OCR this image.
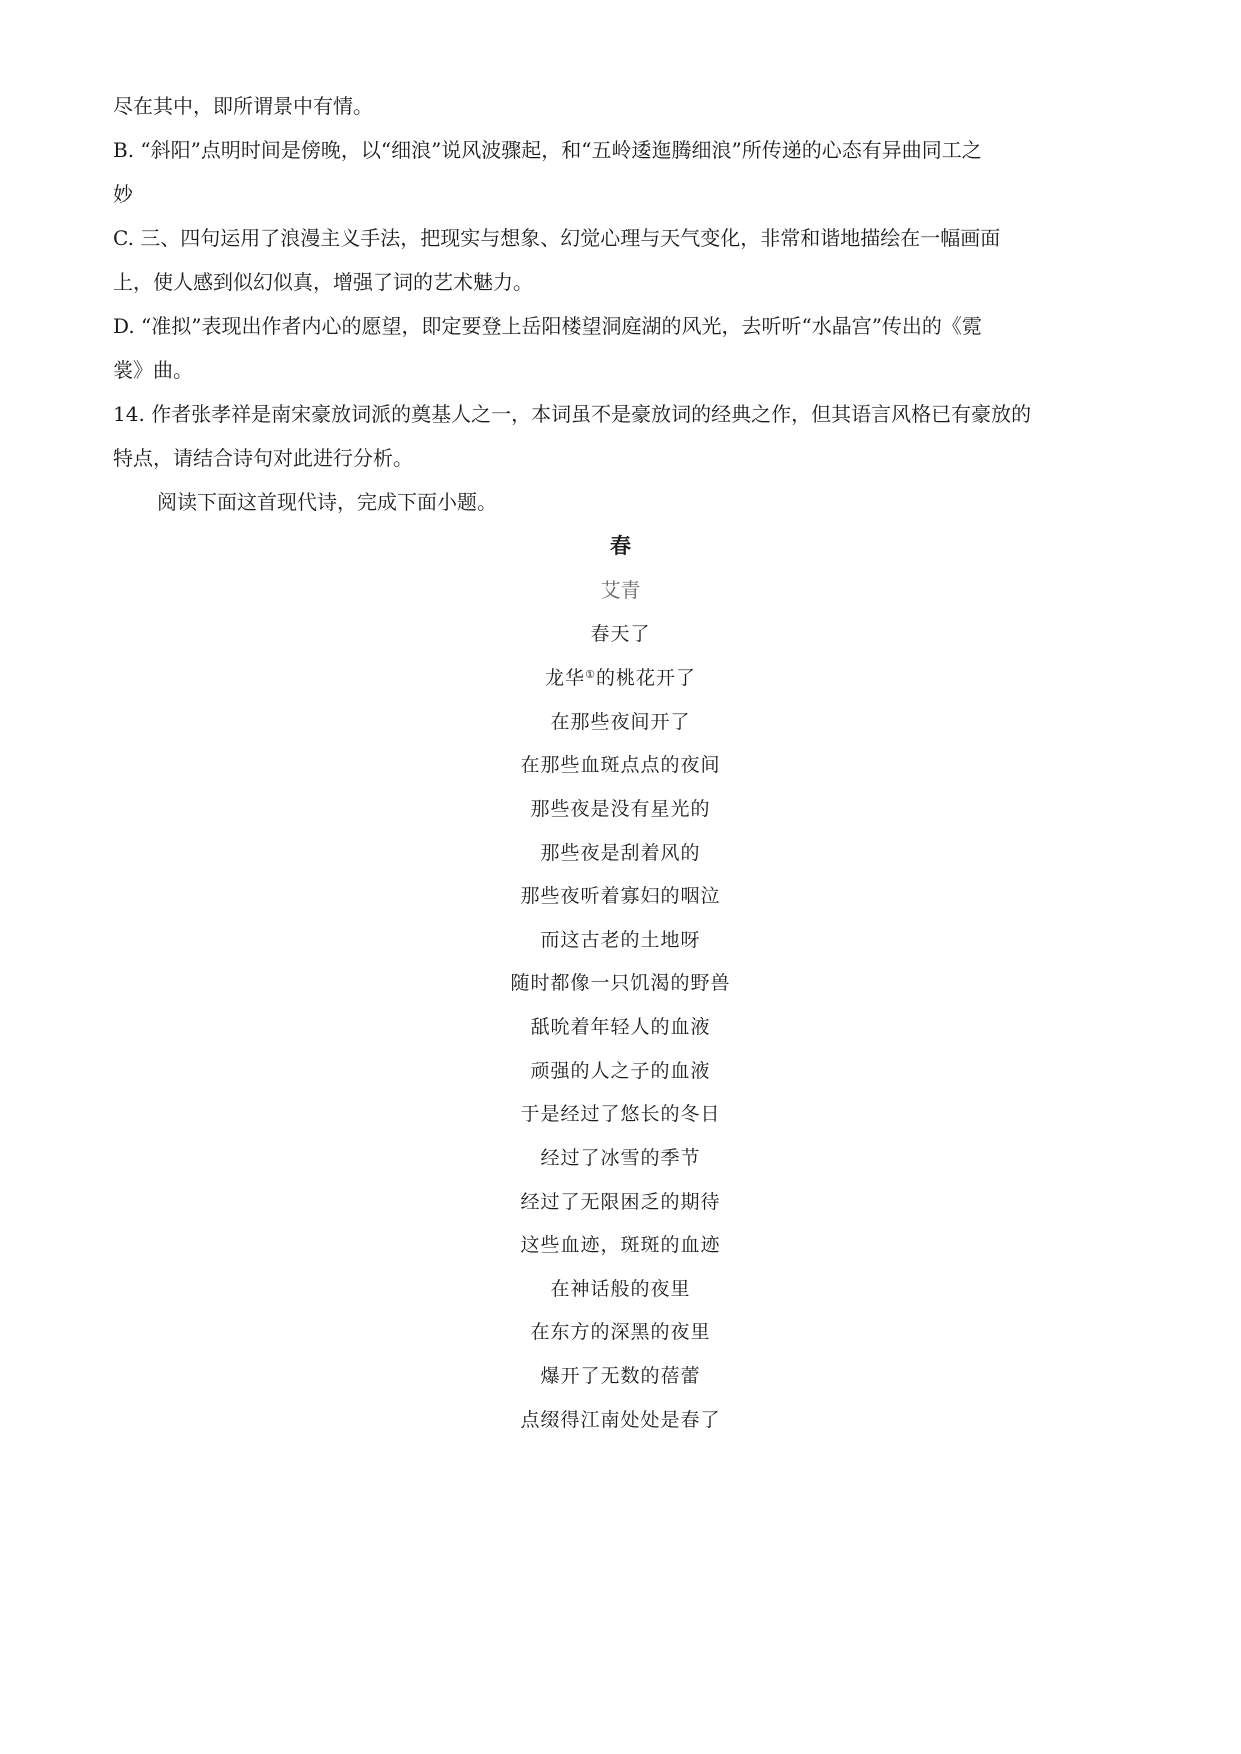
尽在其中，即所谓景中有情。
B. “斜阳”点明时间是傍晚，以“细浪”说风波骤起，和“五岭逶迤腾细浪”所传递的心态有异曲同工之
妙
C. 三、四句运用了浪漫主义手法，把现实与想象、幻觉心理与天气变化，非常和谐地描绘在一幅画面
上，使人感到似幻似真，增强了词的艺术魅力。
D. “准拟”表现出作者内心的愿望，即定要登上岳阳楼望洞庭湖的风光，去听听“水晶宫”传出的《霓
裳》曲。
14. 作者张孝祥是南宋豪放词派的奠基人之一，本词虽不是豪放词的经典之作，但其语言风格已有豪放的
特点，请结合诗句对此进行分析。
阅读下面这首现代诗，完成下面小题。
春
艾青
春天了
龙华①的桃花开了
在那些夜间开了
在那些血斑点点的夜间
那些夜是没有星光的
那些夜是刮着风的
那些夜听着寡妇的咽泣
而这古老的土地呀
随时都像一只饥渴的野兽
舐吮着年轻人的血液
顽强的人之子的血液
于是经过了悠长的冬日
经过了冰雪的季节
经过了无限困乏的期待
这些血迹，斑斑的血迹
在神话般的夜里
在东方的深黑的夜里
爆开了无数的蓓蕾
点缀得江南处处是春了
